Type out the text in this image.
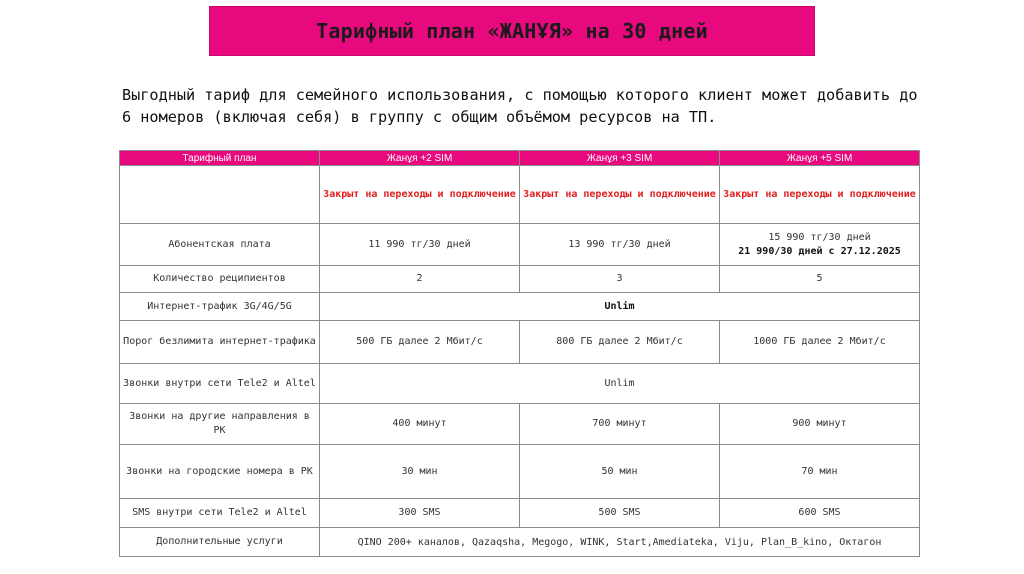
Тарифный план «ЖАНҰЯ» на 30 дней
Выгодный тариф для семейного использования, с помощью которого клиент может добавить до 6 номеров (включая себя) в группу с общим объёмом ресурсов на ТП.
Тарифный план	Жанұя +2 SIM	Жанұя +3 SIM	Жанұя +5 SIM
	Закрыт на переходы и подключение	Закрыт на переходы и подключение	Закрыт на переходы и подключение
Абонентская плата	11 990 тг/30 дней	13 990 тг/30 дней	15 990 тг/30 дней
21 990/30 дней с 27.12.2025

Количество реципиентов	2	3	5
Интернет-трафик 3G/4G/5G	Unlim		
Порог безлимита интернет-трафика	500 ГБ далее 2 Мбит/с	800 ГБ далее 2 Мбит/с	1000 ГБ далее 2 Мбит/с
Звонки внутри сети Tele2 и Altel	Unlim		
Звонки на другие направления в РК	400 минут	700 минут	900 минут
Звонки на городские номера в РК	30 мин	50 мин	70 мин
SMS внутри сети Tele2 и Altel	300 SMS	500 SMS	600 SMS
Дополнительные услуги	QINO 200+ каналов, Qazaqsha, Megogo, WINK, Start,Amediateka, Viju, Plan_B_kino, Октагон		
